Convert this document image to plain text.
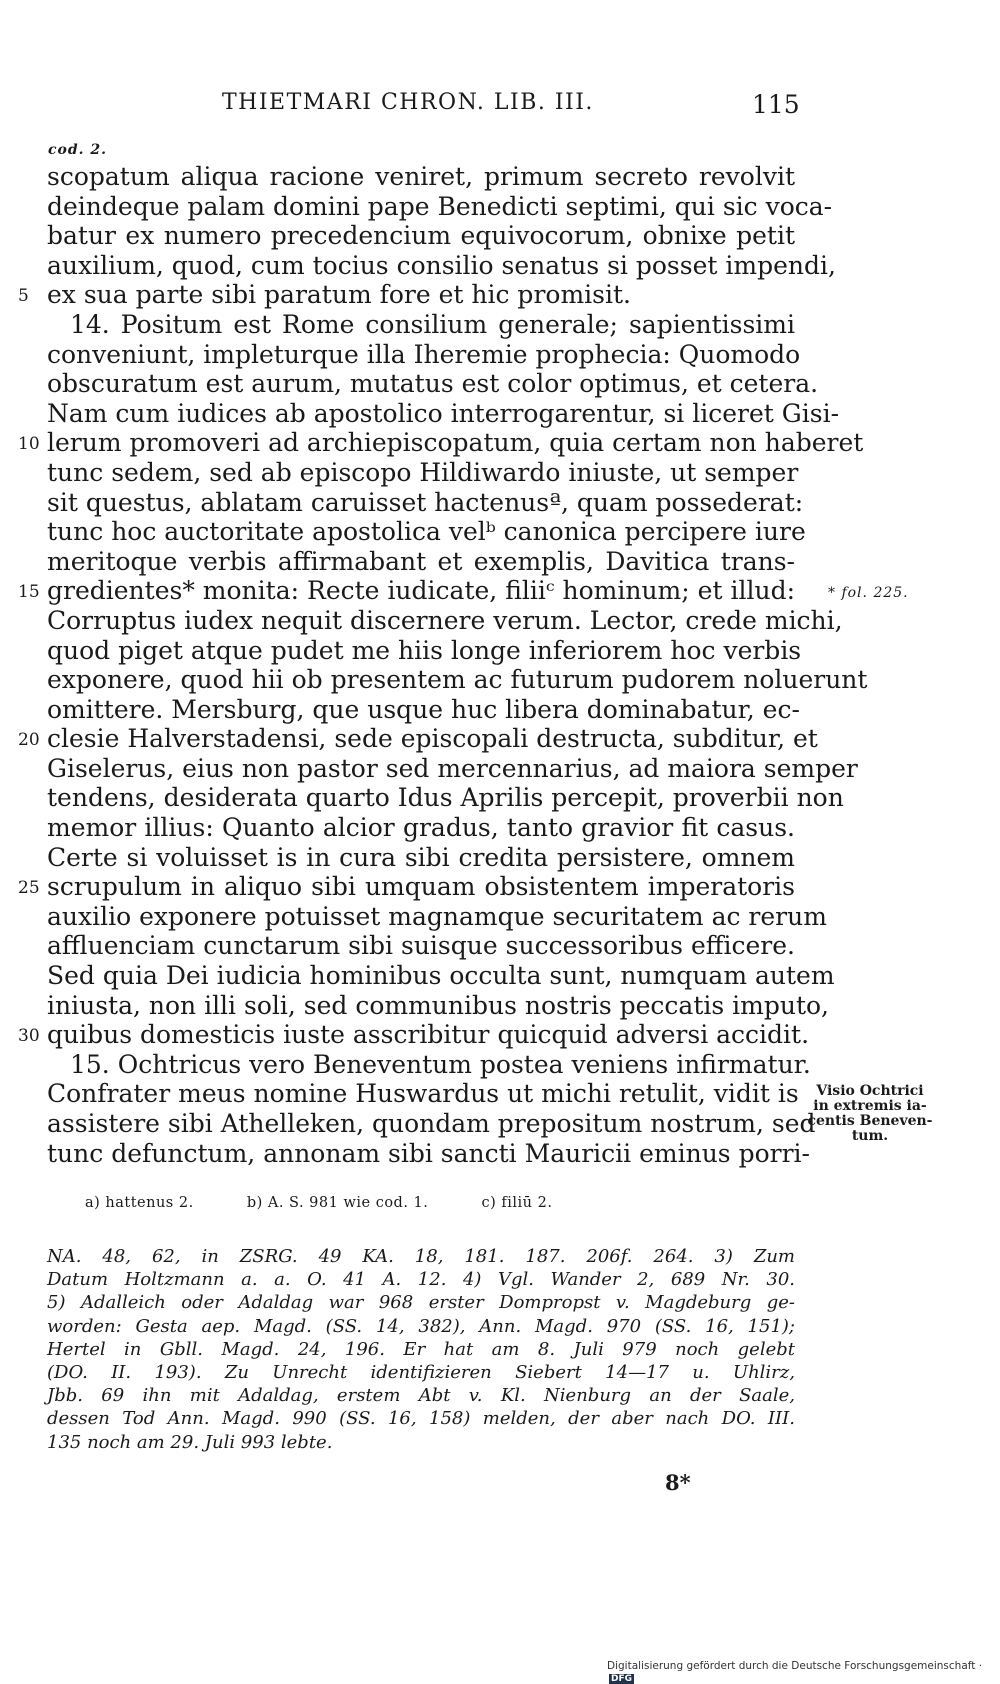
THIETMARI CHRON. LIB. III.	115
cod. 2.
scopatum aliqua racione veniret, primum secreto revolvit
deindeque palam domini pape Benedicti septimi, qui sic voca-
batur ex numero precedencium equivocorum, obnixe petit
auxilium, quod, cum tocius consilio senatus si posset impendi,
5 ex sua parte sibi paratum fore et hic promisit.
14. Positum est Rome consilium generale; sapientissimi
conveniunt, impleturque illa Iheremie prophecia: Quomodo
obscuratum est aurum, mutatus est color optimus, et cetera.
Nam cum iudices ab apostolico interrogarentur, si liceret Gisi-
10 lerum promoveri ad archiepiscopatum, quia certam non haberet
tunc sedem, sed ab episcopo Hildiwardo iniuste, ut semper
sit questus, ablatam caruisset hactenusª, quam possederat:
tunc hoc auctoritate apostolica velᵇ canonica percipere iure
meritoque verbis affirmabant et exemplis, Davitica trans-
15 gredientes* monita: Recte iudicate, filiiᶜ hominum; et illud:
Corruptus iudex nequit discernere verum. Lector, crede michi,
quod piget atque pudet me hiis longe inferiorem hoc verbis
exponere, quod hii ob presentem ac futurum pudorem noluerunt
omittere. Mersburg, que usque huc libera dominabatur, ec-
20 clesie Halverstadensi, sede episcopali destructa, subditur, et
Giselerus, eius non pastor sed mercennarius, ad maiora semper
tendens, desiderata quarto Idus Aprilis percepit, proverbii non
memor illius: Quanto alcior gradus, tanto gravior fit casus.
Certe si voluisset is in cura sibi credita persistere, omnem
25 scrupulum in aliquo sibi umquam obsistentem imperatoris
auxilio exponere potuisset magnamque securitatem ac rerum
affluenciam cunctarum sibi suisque successoribus efficere.
Sed quia Dei iudicia hominibus occulta sunt, numquam autem
iniusta, non illi soli, sed communibus nostris peccatis imputo,
30 quibus domesticis iuste asscribitur quicquid adversi accidit.
15. Ochtricus vero Beneventum postea veniens infirmatur.
Confrater meus nomine Huswardus ut michi retulit, vidit is
assistere sibi Athelleken, quondam prepositum nostrum, sed
tunc defunctum, annonam sibi sancti Mauricii eminus porri-
* fol. 225.
Visio Ochtrici
in extremis ia-
centis Beneven-
tum.
a) hattenus 2.	b) A. S. 981 wie cod. 1.	c) filiū 2.
NA. 48, 62, in ZSRG. 49 KA. 18, 181. 187. 206f. 264. 3) Zum
Datum Holtzmann a. a. O. 41 A. 12. 4) Vgl. Wander 2, 689 Nr. 30.
5) Adalleich oder Adaldag war 968 erster Dompropst v. Magdeburg ge-
worden: Gesta aep. Magd. (SS. 14, 382), Ann. Magd. 970 (SS. 16, 151);
Hertel in Gbll. Magd. 24, 196. Er hat am 8. Juli 979 noch gelebt
(DO. II. 193). Zu Unrecht identifizieren Siebert 14—17 u. Uhlirz,
Jbb. 69 ihn mit Adaldag, erstem Abt v. Kl. Nienburg an der Saale,
dessen Tod Ann. Magd. 990 (SS. 16, 158) melden, der aber nach DO. III.
135 noch am 29. Juli 993 lebte.
8*
Digitalisierung gefördert durch die Deutsche Forschungsgemeinschaft · DFG
